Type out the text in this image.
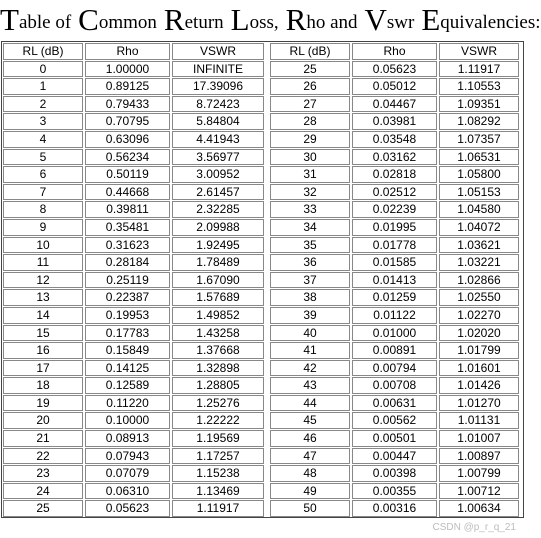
Table of Common Return Loss, Rho and Vswr Equivalencies:
RL (dB)	Rho	VSWR	RL (dB)	Rho	VSWR
0	1.00000	INFINITE	25	0.05623	1.11917
1	0.89125	17.39096	26	0.05012	1.10553
2	0.79433	8.72423	27	0.04467	1.09351
3	0.70795	5.84804	28	0.03981	1.08292
4	0.63096	4.41943	29	0.03548	1.07357
5	0.56234	3.56977	30	0.03162	1.06531
6	0.50119	3.00952	31	0.02818	1.05800
7	0.44668	2.61457	32	0.02512	1.05153
8	0.39811	2.32285	33	0.02239	1.04580
9	0.35481	2.09988	34	0.01995	1.04072
10	0.31623	1.92495	35	0.01778	1.03621
11	0.28184	1.78489	36	0.01585	1.03221
12	0.25119	1.67090	37	0.01413	1.02866
13	0.22387	1.57689	38	0.01259	1.02550
14	0.19953	1.49852	39	0.01122	1.02270
15	0.17783	1.43258	40	0.01000	1.02020
16	0.15849	1.37668	41	0.00891	1.01799
17	0.14125	1.32898	42	0.00794	1.01601
18	0.12589	1.28805	43	0.00708	1.01426
19	0.11220	1.25276	44	0.00631	1.01270
20	0.10000	1.22222	45	0.00562	1.01131
21	0.08913	1.19569	46	0.00501	1.01007
22	0.07943	1.17257	47	0.00447	1.00897
23	0.07079	1.15238	48	0.00398	1.00799
24	0.06310	1.13469	49	0.00355	1.00712
25	0.05623	1.11917	50	0.00316	1.00634
CSDN @p_r_q_21
